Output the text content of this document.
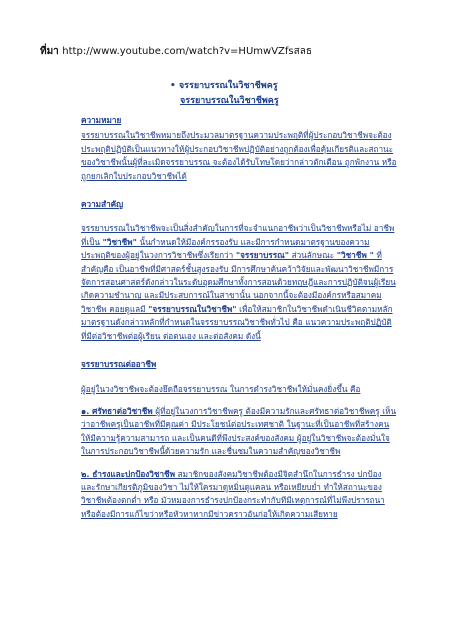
ที่มา http://www.youtube.com/watch?v=HUmwVZfsสลธ
• จรรยาบรรณในวิชาชีพครู
จรรยาบรรณในวิชาชีพครู

ความหมาย

จรรยาบรรณในวิชาชีพหมายถึงประมวลมาตรฐานความประพฤติที่ผู้ประกอบวิชาชีพจะต้องประพฤติปฏิบัติเป็นแนวทางให้ผู้ประกอบวิชาชีพปฏิบัติอย่างถูกต้องเพื่อคุ้มเกียรติและสถานะของวิชาชีพนั้นผู้ที่ละเมิดจรรยาบรรณ จะต้องได้รับโทษโดยว่ากล่าวตักเตือน ถูกพักงาน หรือถูกยกเลิกใบประกอบวิชาชีพได้

ความสำคัญ

จรรยาบรรณในวิชาชีพจะเป็นสิ่งสำคัญในการที่จะจำแนกอาชีพว่าเป็นวิชาชีพหรือไม่ อาชีพที่เป็น "วิชาชีพ" นั้นกำหนดให้มีองค์กรรองรับ และมีการกำหนดมาตรฐานของความประพฤติของผู้อยู่ในวงการวิชาชีพซึ่งเรียกว่า "จรรยาบรรณ" ส่วนลักษณะ "วิชาชีพ " ที่สำคัญคือ เป็นอาชีพที่มีศาสตร์ชั้นสูงรองรับ มีการศึกษาค้นคว้าวิจัยและพัฒนาวิชาชีพมีการจัดการสอนศาสตร์ดังกล่าวในระดับอุดมศึกษาทั้งการสอนด้วยทฤษฎีและการปฏิบัติจนผู้เรียนเกิดความชำนาญ และมีประสบการณ์ในสาขานั้น นอกจากนี้จะต้องมีองค์กรหรือสมาคมวิชาชีพ คอยดูแลมี "จรรยาบรรณในวิชาชีพ" เพื่อให้สมาชิกในวิชาชีพดำเนินชีวิตตามหลักมาตรฐานดังกล่าวหลักที่กำหนดในจรรยาบรรณวิชาชีพทั่วไป คือ แนวความประพฤติปฏิบัติที่มีต่อวิชาชีพต่อผู้เรียน ต่อตนเอง และต่อสังคม ดังนี้

จรรยาบรรณต่ออาชีพ

ผู้อยู่ในวงวิชาชีพจะต้องยึดถือจรรยาบรรณ ในการดำรงวิชาชีพให้มั่นคงยิ่งขึ้น คือ

๑. ศรัทธาต่อวิชาชีพ ผู้ที่อยู่ในวงการวิชาชีพครู ต้องมีความรักและศรัทธาต่อวิชาชีพครู เห็นว่าอาชีพครูเป็นอาชีพที่มีคุณค่า มีประโยชน์ต่อประเทศชาติ ในฐานะที่เป็นอาชีพที่สร้างคนให้มีความรู้ความสามารถ และเป็นคนดีที่พึงประสงค์ของสังคม ผู้อยู่ในวิชาชีพจะต้องมั่นใจ ในการประกอบวิชาชีพนี้ด้วยความรัก และชื่นชมในความสำคัญของวิชาชีพ

๒. ธำรงและปกป้องวิชาชีพ สมาชิกของสังคมวิชาชีพต้องมีจิตสำนึกในการธำรง ปกป้อง และรักษาเกียรติภูมิของวิชา ไม่ให้ใครมาดูหมิ่นดูแคลน หรือเหยียบย่ำ ทำให้สถานะของวิชาชีพต้องตกต่ำ หรือ มัวหมองการธำรงปกป้องกระทำกับทีมีเหตุการณ์ที่ไม่พึงปรารถนาหรือต้องมีการแก้ไขว่าหรือหัวหาหากมีข่าวคราวอันก่อให้เกิดความเสียหาย
